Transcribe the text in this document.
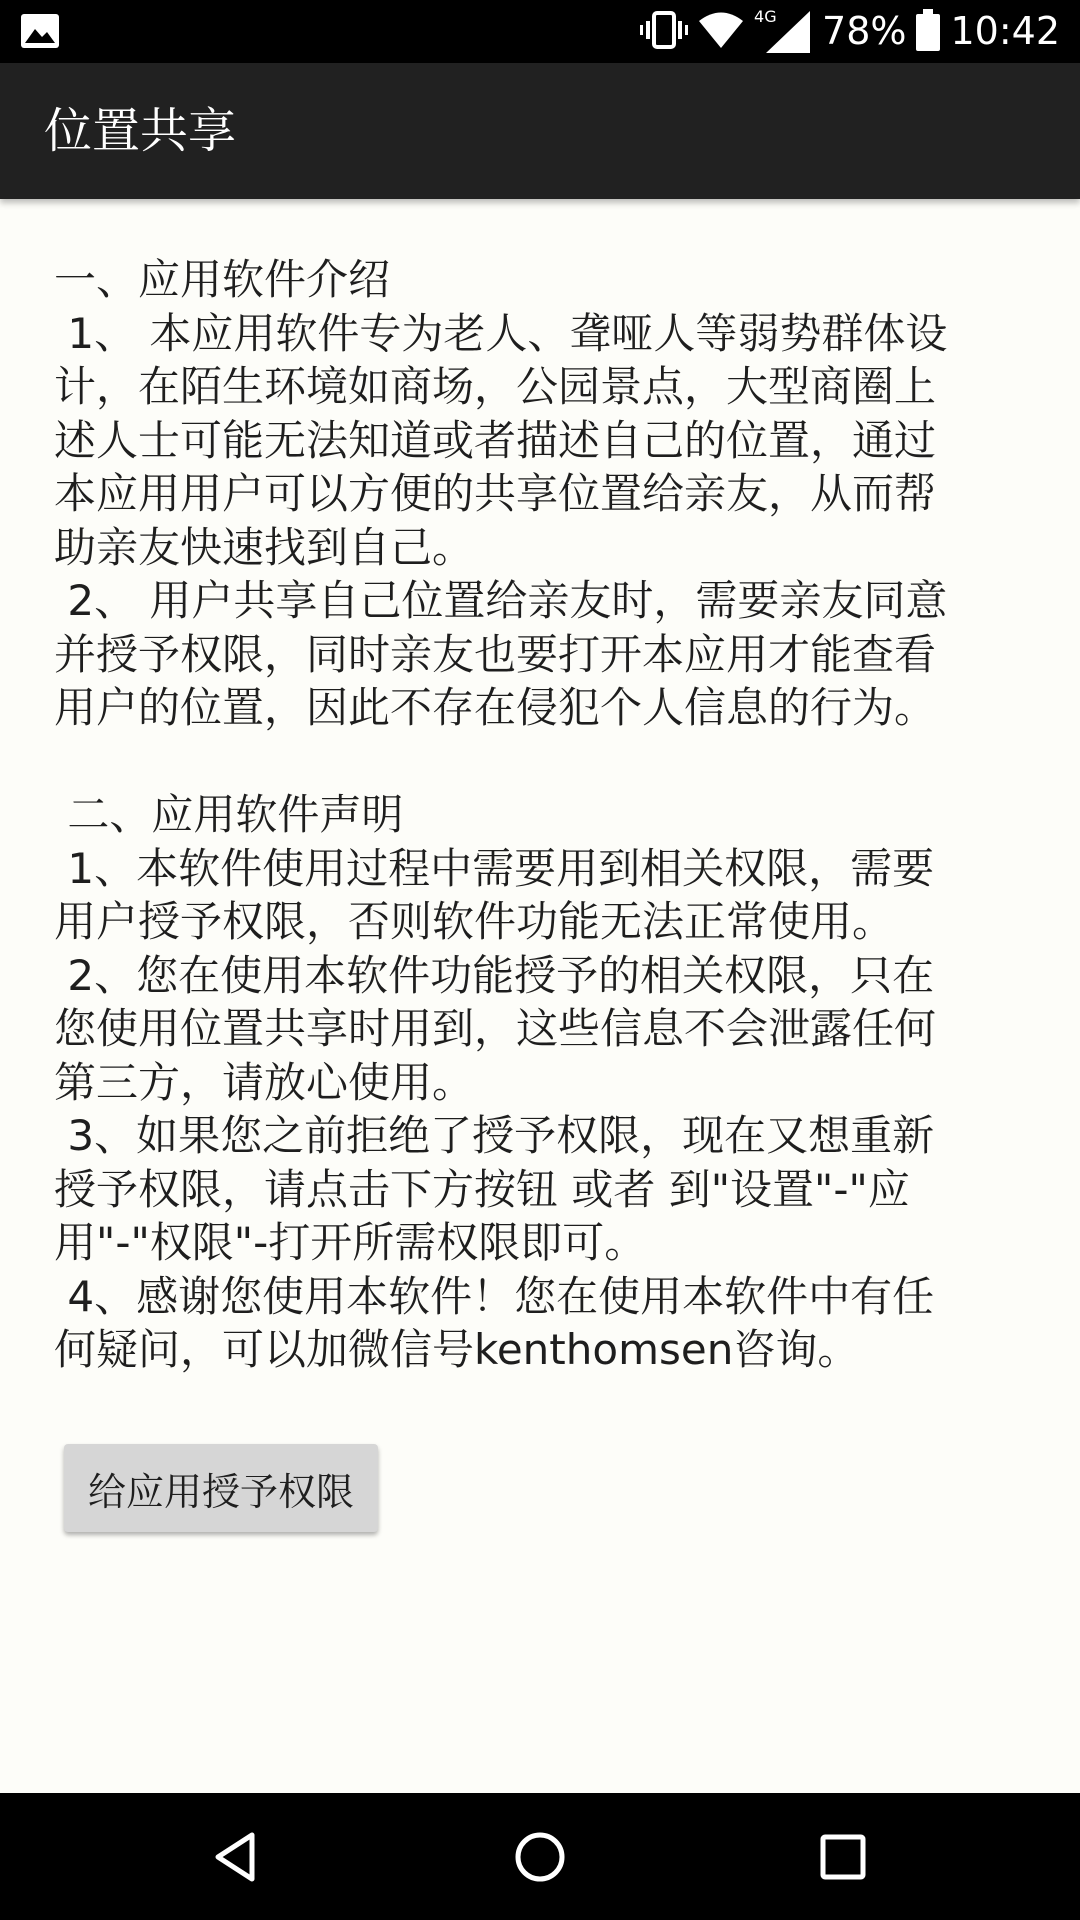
4G 78% 10:42
位置共享
一、应用软件介绍
1、 本应用软件专为老人、聋哑人等弱势群体设
计，在陌生环境如商场，公园景点，大型商圈上
述人士可能无法知道或者描述自己的位置，通过
本应用用户可以方便的共享位置给亲友，从而帮
助亲友快速找到自己。
2、 用户共享自己位置给亲友时，需要亲友同意
并授予权限，同时亲友也要打开本应用才能查看
用户的位置，因此不存在侵犯个人信息的行为。
二、应用软件声明
1、本软件使用过程中需要用到相关权限，需要
用户授予权限，否则软件功能无法正常使用。
2、您在使用本软件功能授予的相关权限，只在
您使用位置共享时用到，这些信息不会泄露任何
第三方，请放心使用。
3、如果您之前拒绝了授予权限，现在又想重新
授予权限，请点击下方按钮 或者 到"设置"-"应
用"-"权限"-打开所需权限即可。
4、感谢您使用本软件！您在使用本软件中有任
何疑问，可以加微信号kenthomsen咨询。
给应用授予权限
